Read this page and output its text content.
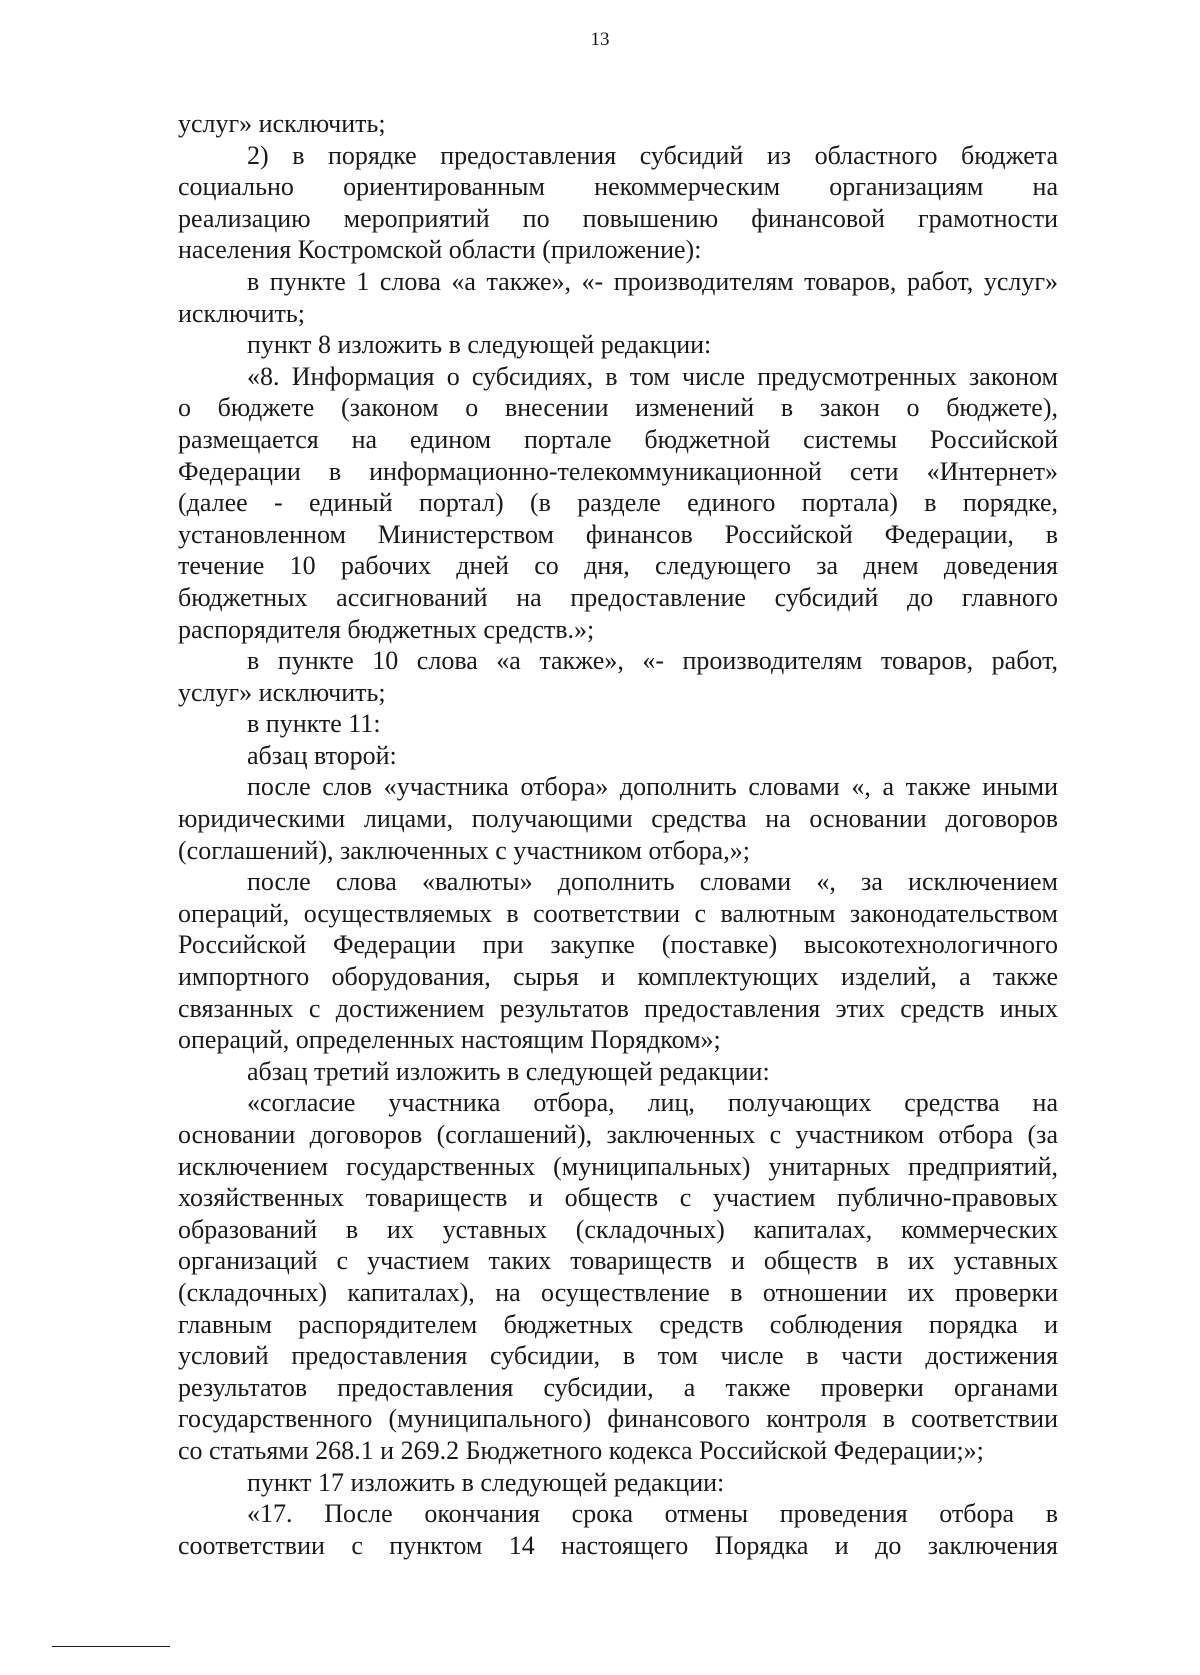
13
услуг» исключить;
2) в порядке предоставления субсидий из областного бюджета
социально ориентированным некоммерческим организациям на
реализацию мероприятий по повышению финансовой грамотности
населения Костромской области (приложение):
в пункте 1 слова «а также», «- производителям товаров, работ, услуг»
исключить;
пункт 8 изложить в следующей редакции:
«8. Информация о субсидиях, в том числе предусмотренных законом
о бюджете (законом о внесении изменений в закон о бюджете),
размещается на едином портале бюджетной системы Российской
Федерации в информационно-телекоммуникационной сети «Интернет»
(далее - единый портал) (в разделе единого портала) в порядке,
установленном Министерством финансов Российской Федерации, в
течение 10 рабочих дней со дня, следующего за днем доведения
бюджетных ассигнований на предоставление субсидий до главного
распорядителя бюджетных средств.»;
в пункте 10 слова «а также», «- производителям товаров, работ,
услуг» исключить;
в пункте 11:
абзац второй:
после слов «участника отбора» дополнить словами «, а также иными
юридическими лицами, получающими средства на основании договоров
(соглашений), заключенных с участником отбора,»;
после слова «валюты» дополнить словами «, за исключением
операций, осуществляемых в соответствии с валютным законодательством
Российской Федерации при закупке (поставке) высокотехнологичного
импортного оборудования, сырья и комплектующих изделий, а также
связанных с достижением результатов предоставления этих средств иных
операций, определенных настоящим Порядком»;
абзац третий изложить в следующей редакции:
«согласие участника отбора, лиц, получающих средства на
основании договоров (соглашений), заключенных с участником отбора (за
исключением государственных (муниципальных) унитарных предприятий,
хозяйственных товариществ и обществ с участием публично-правовых
образований в их уставных (складочных) капиталах, коммерческих
организаций с участием таких товариществ и обществ в их уставных
(складочных) капиталах), на осуществление в отношении их проверки
главным распорядителем бюджетных средств соблюдения порядка и
условий предоставления субсидии, в том числе в части достижения
результатов предоставления субсидии, а также проверки органами
государственного (муниципального) финансового контроля в соответствии
со статьями 268.1 и 269.2 Бюджетного кодекса Российской Федерации;»;
пункт 17 изложить в следующей редакции:
«17. После окончания срока отмены проведения отбора в
соответствии с пунктом 14 настоящего Порядка и до заключения
